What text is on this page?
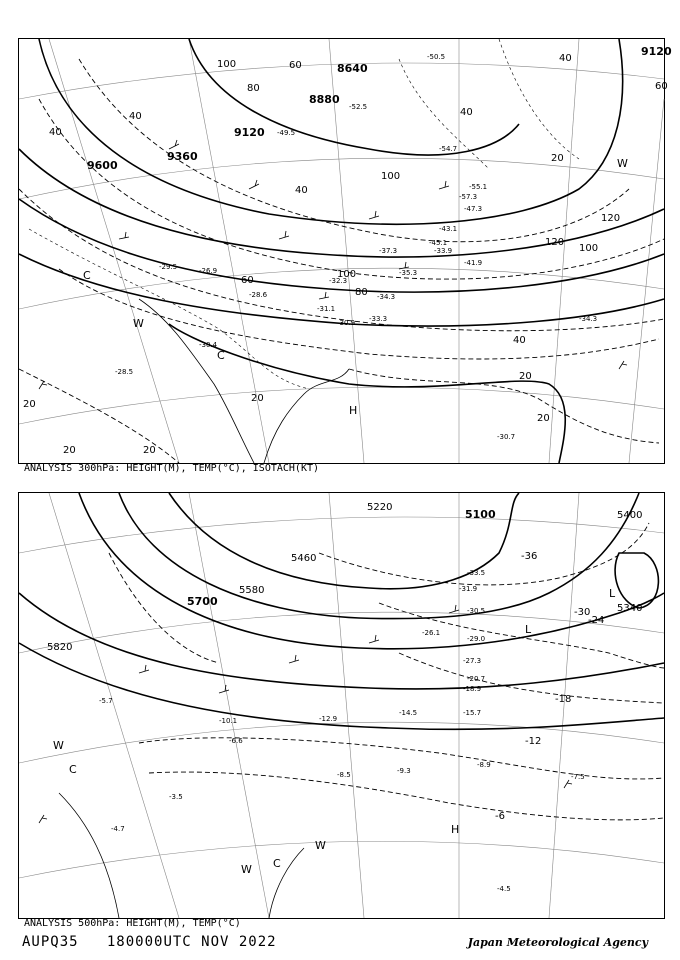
8640
8880
9120
9120
9360
9600
100
80
60
40	40
40
20
20
20
20
20
100
120
120
100
80
60
40
40
20
20
60
100
40
-54.7
-55.1
-57.3
-50.5
-52.5
-49.5
-45.1
-47.3
-43.1
-41.9
-37.3	-33.9
-34.3
-31.1
-30.9
-29.5
-28.6
-26.9
-28.5
-30.7
-30.4
-33.3	-34.3
-32.3
-35.3
C
W
C
H
W
ANALYSIS 300hPa: HEIGHT(M), TEMP(°C), ISOTACH(KT)
5100
5220
5400
5460
5580
5700
5820
5340
-36
-30
-24
-18
-12
-6
-33.5
-31.9
-30.5
-29.0
-27.3
-26.1
-20.7
-18.9
-15.7
-14.5
-12.9
-10.1
-9.3
-8.9
-8.5	-7.5
-6.6
-5.7
-4.7
-4.5
-3.5
L
L
W
C
W
C
W
H
ANALYSIS 500hPa: HEIGHT(M), TEMP(°C)
AUPQ35 180000UTC NOV 2022	Japan Meteorological Agency
